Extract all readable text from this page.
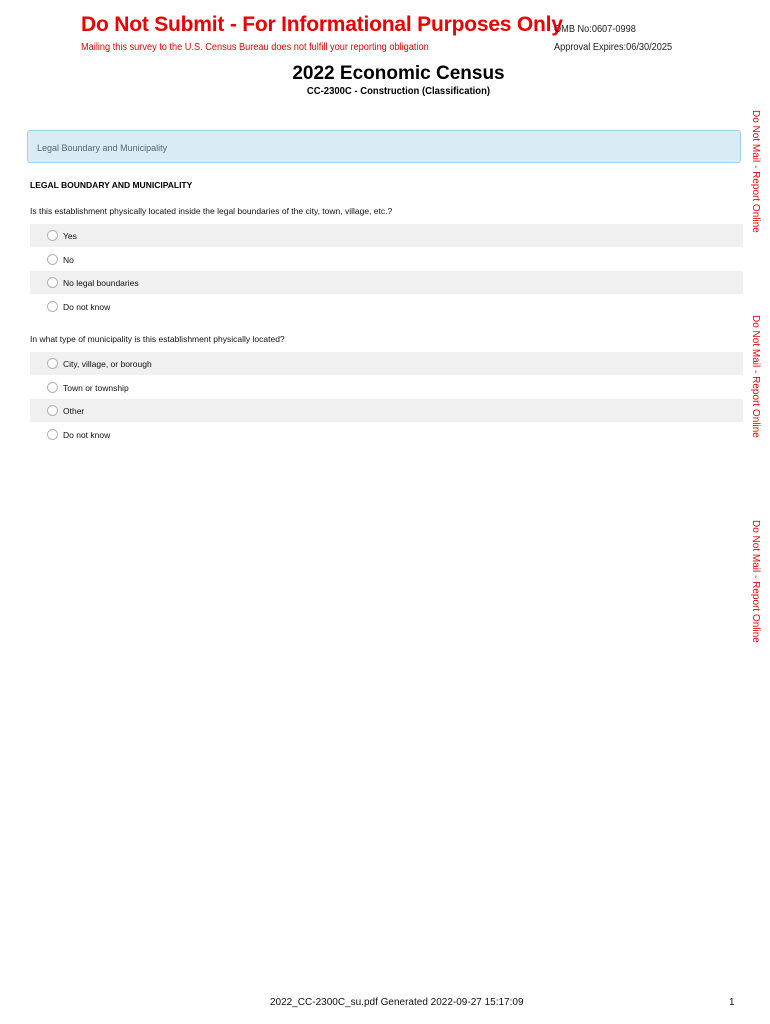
Do Not Submit - For Informational Purposes Only
Mailing this survey to the U.S. Census Bureau does not fulfill your reporting obligation
OMB No:0607-0998
Approval Expires:06/30/2025
2022 Economic Census
CC-2300C - Construction (Classification)
Do Not Mail - Report Online
Do Not Mail - Report Online
Do Not Mail - Report Online
Legal Boundary and Municipality
LEGAL BOUNDARY AND MUNICIPALITY
Is this establishment physically located inside the legal boundaries of the city, town, village, etc.?
Yes
No
No legal boundaries
Do not know
In what type of municipality is this establishment physically located?
City, village, or borough
Town or township
Other
Do not know
2022_CC-2300C_su.pdf Generated 2022-09-27 15:17:09	1
